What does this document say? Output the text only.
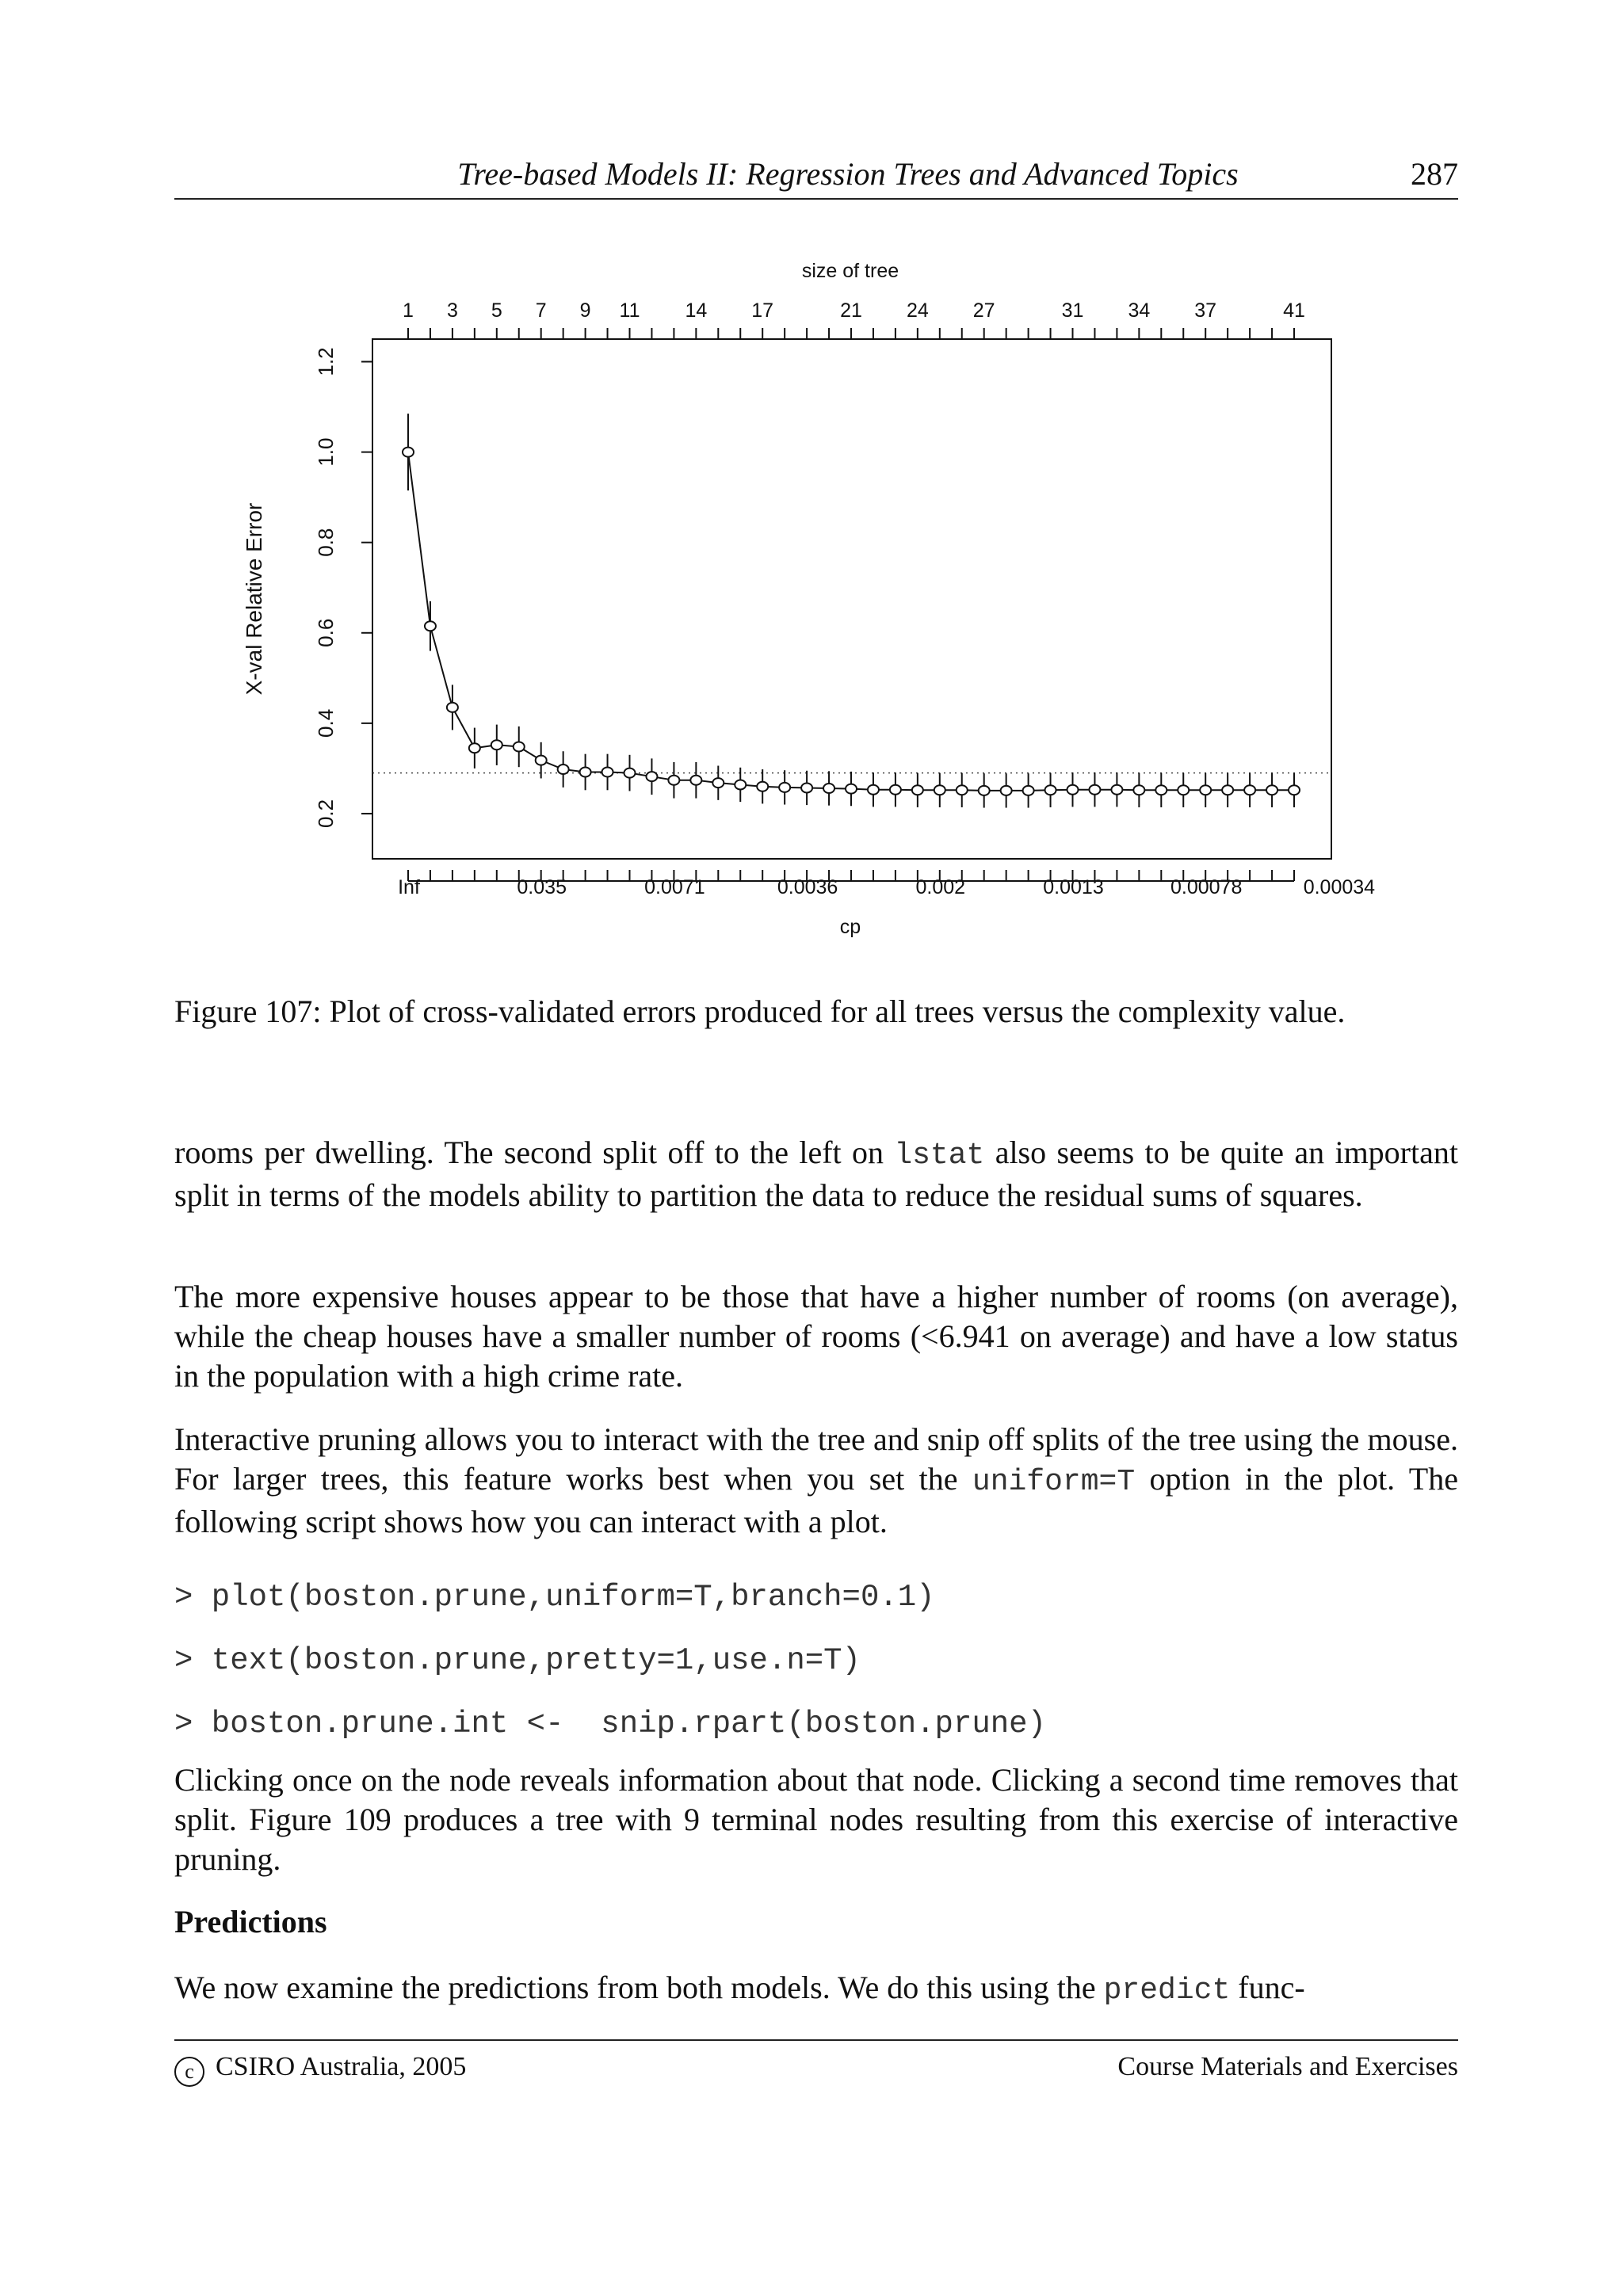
Tree-based Models II: Regression Trees and Advanced Topics	287
0.2
0.4
0.6
0.8
1.0
1.2
X-val Relative Error
1 3 5 7 9 11 14 17	21 24 27	31 34 37	41
Inf	0.035	0.0071	0.0036	0.002	0.0013	0.00078	0.00034
size of tree
cp
Figure 107: Plot of cross-validated errors produced for all trees versus the complexity value.
rooms per dwelling. The second split off to the left on lstat also seems to be quite an important split in terms of the models ability to partition the data to reduce the residual sums of squares.
The more expensive houses appear to be those that have a higher number of rooms (on average), while the cheap houses have a smaller number of rooms (<6.941 on average) and have a low status in the population with a high crime rate.
Interactive pruning allows you to interact with the tree and snip off splits of the tree using the mouse. For larger trees, this feature works best when you set the uniform=T option in the plot. The following script shows how you can interact with a plot.
> plot(boston.prune,uniform=T,branch=0.1)
> text(boston.prune,pretty=1,use.n=T)
> boston.prune.int <-  snip.rpart(boston.prune)
Clicking once on the node reveals information about that node. Clicking a second time removes that split. Figure 109 produces a tree with 9 terminal nodes resulting from this exercise of interactive pruning.
Predictions
We now examine the predictions from both models. We do this using the predict func-
c CSIRO Australia, 2005	Course Materials and Exercises
